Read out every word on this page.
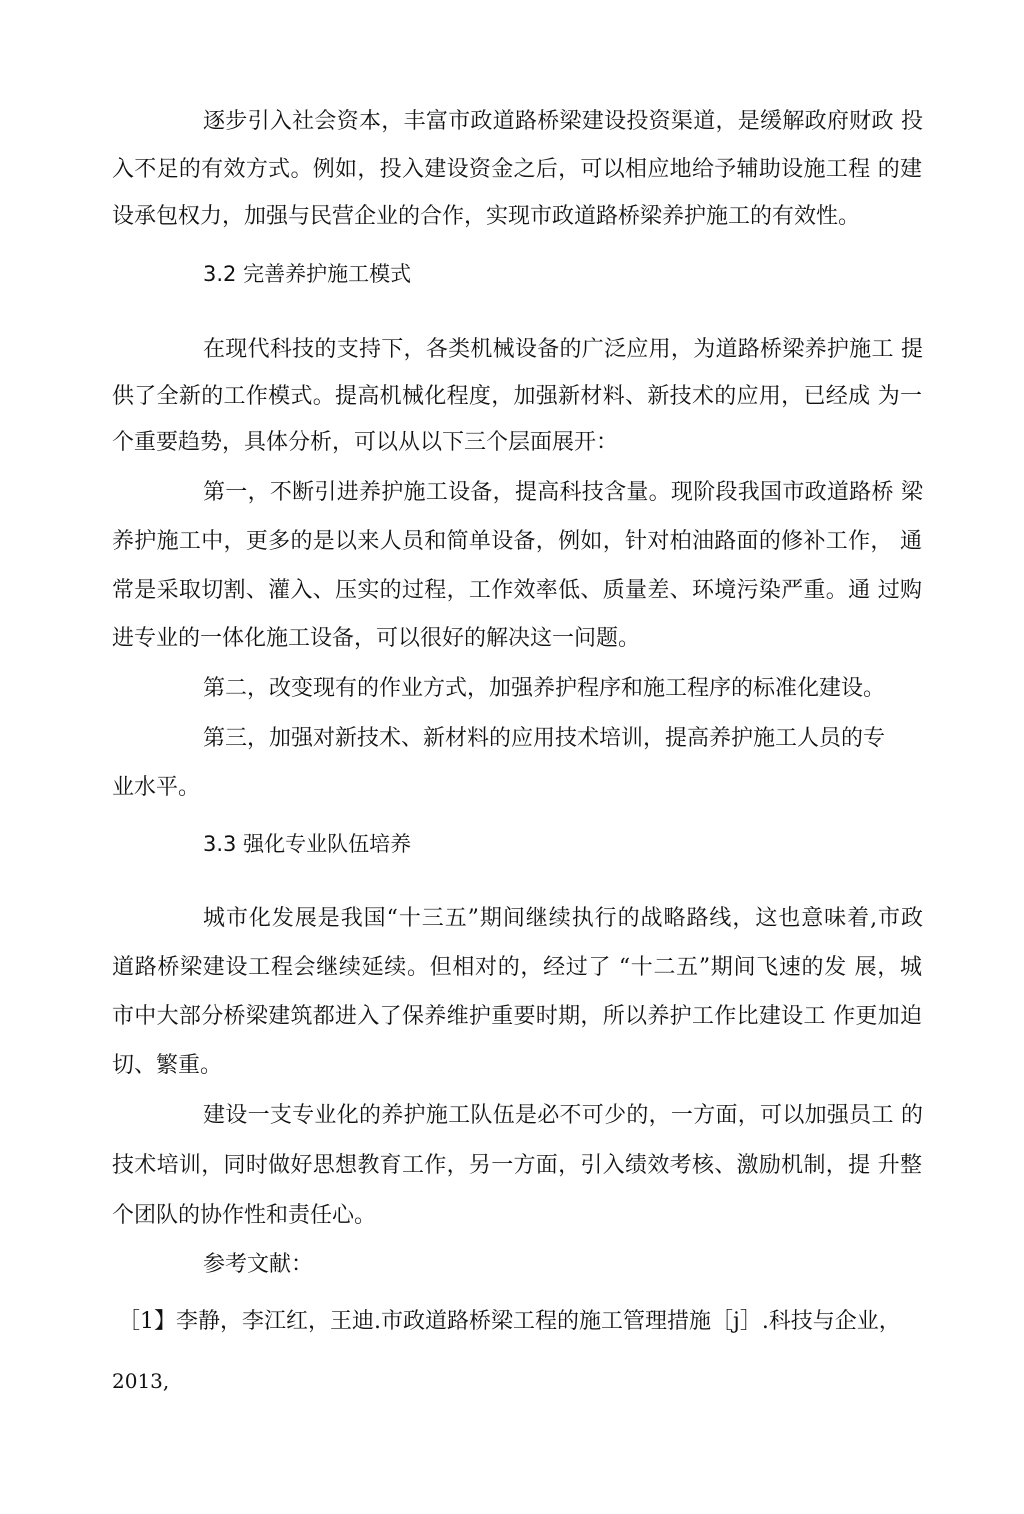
逐步引入社会资本，丰富市政道路桥梁建设投资渠道，是缓解政府财政 投
入不足的有效方式。例如，投入建设资金之后，可以相应地给予辅助设施工程 的建
设承包权力，加强与民营企业的合作，实现市政道路桥梁养护施工的有效性。
3.2 完善养护施工模式
在现代科技的支持下，各类机械设备的广泛应用，为道路桥梁养护施工 提
供了全新的工作模式。提高机械化程度，加强新材料、新技术的应用，已经成 为一
个重要趋势，具体分析，可以从以下三个层面展开：
第一，不断引进养护施工设备，提高科技含量。现阶段我国市政道路桥 梁
养护施工中，更多的是以来人员和简单设备，例如，针对柏油路面的修补工作， 通
常是采取切割、灌入、压实的过程，工作效率低、质量差、环境污染严重。通 过购
进专业的一体化施工设备，可以很好的解决这一问题。
第二，改变现有的作业方式，加强养护程序和施工程序的标准化建设。
第三，加强对新技术、新材料的应用技术培训，提高养护施工人员的专
业水平。
3.3 强化专业队伍培养
城市化发展是我国“十三五”期间继续执行的战略路线，这也意味着,市政
道路桥梁建设工程会继续延续。但相对的，经过了 “十二五”期间飞速的发 展，城
市中大部分桥梁建筑都进入了保养维护重要时期，所以养护工作比建设工 作更加迫
切、繁重。
建设一支专业化的养护施工队伍是必不可少的，一方面，可以加强员工 的
技术培训，同时做好思想教育工作，另一方面，引入绩效考核、激励机制，提 升整
个团队的协作性和责任心。
参考文献：
［1】李静，李江红，王迪.市政道路桥梁工程的施工管理措施［j］.科技与企业，
2013,
